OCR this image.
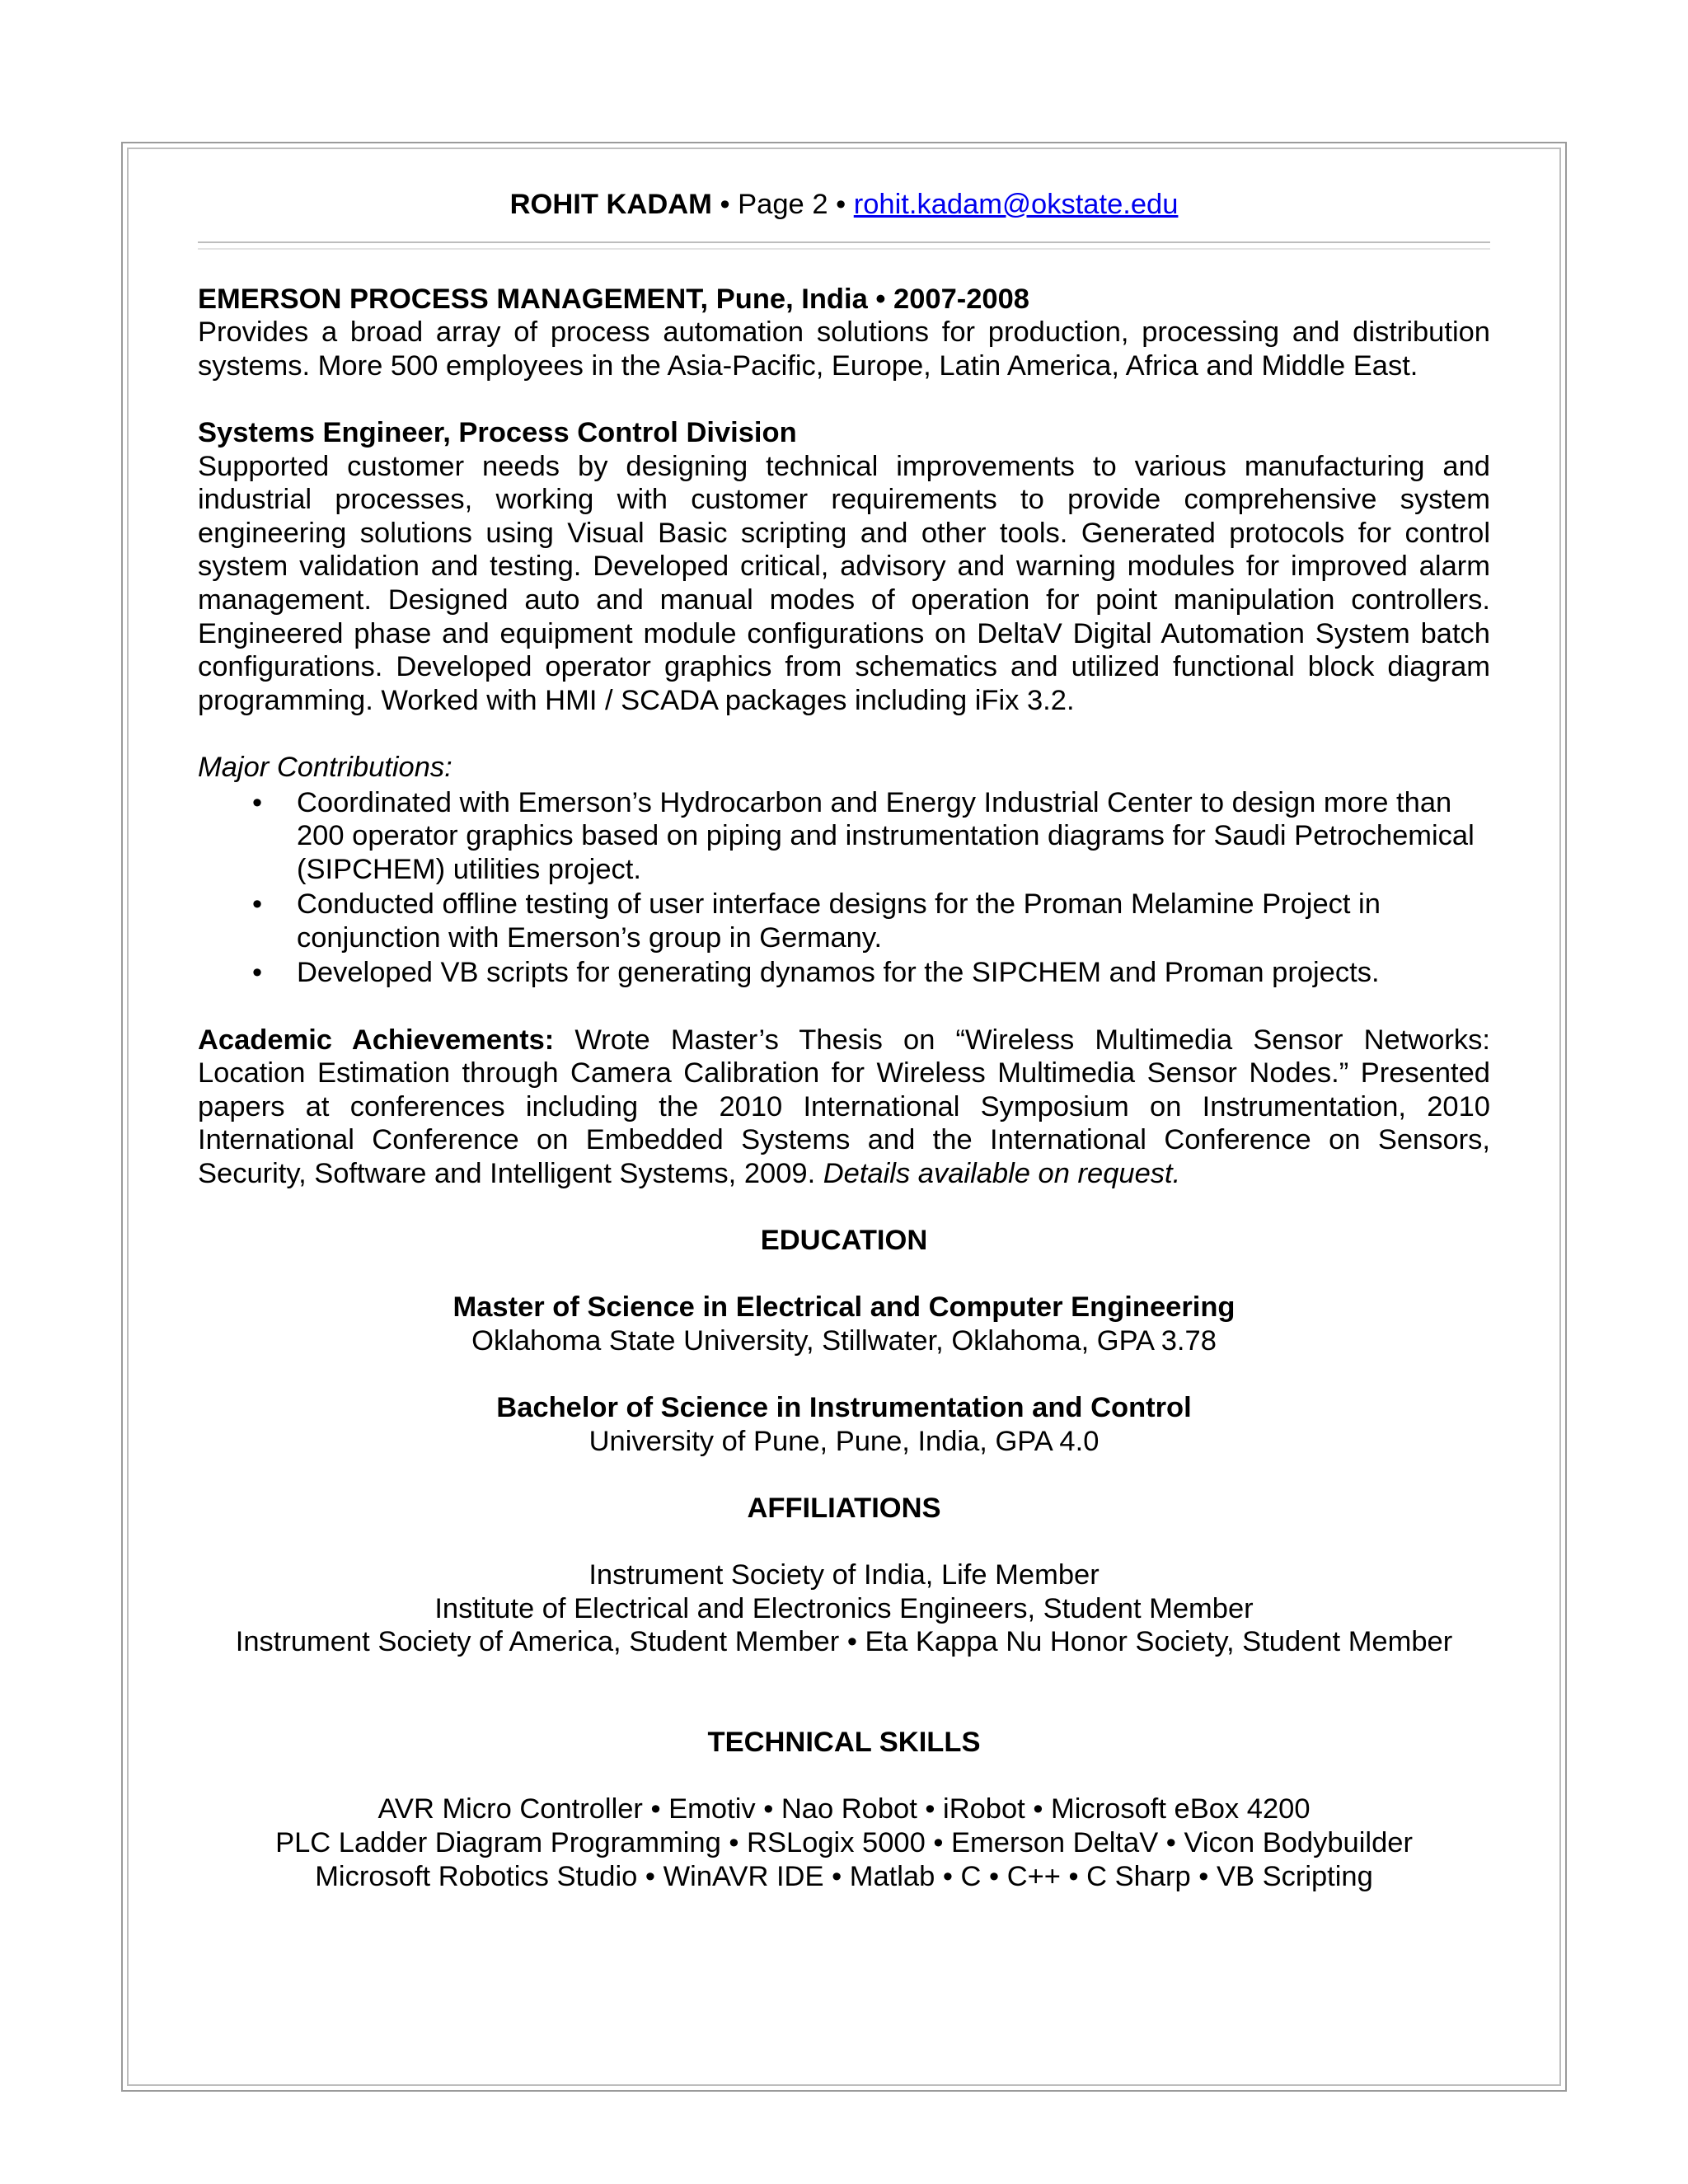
ROHIT KADAM • Page 2 • rohit.kadam@okstate.edu

EMERSON PROCESS MANAGEMENT, Pune, India • 2007-2008

Provides a broad array of process automation solutions for production, processing and distribution systems. More 500 employees in the Asia-Pacific, Europe, Latin America, Africa and Middle East.

Systems Engineer, Process Control Division

Supported customer needs by designing technical improvements to various manufacturing and industrial processes, working with customer requirements to provide comprehensive system engineering solutions using Visual Basic scripting and other tools. Generated protocols for control system validation and testing. Developed critical, advisory and warning modules for improved alarm management. Designed auto and manual modes of operation for point manipulation controllers. Engineered phase and equipment module configurations on DeltaV Digital Automation System batch configurations. Developed operator graphics from schematics and utilized functional block diagram programming. Worked with HMI / SCADA packages including iFix 3.2.

Major Contributions:

• Coordinated with Emerson’s Hydrocarbon and Energy Industrial Center to design more than 200 operator graphics based on piping and instrumentation diagrams for Saudi Petrochemical (SIPCHEM) utilities project.
• Conducted offline testing of user interface designs for the Proman Melamine Project in conjunction with Emerson’s group in Germany.
• Developed VB scripts for generating dynamos for the SIPCHEM and Proman projects.

Academic Achievements: Wrote Master’s Thesis on “Wireless Multimedia Sensor Networks: Location Estimation through Camera Calibration for Wireless Multimedia Sensor Nodes.” Presented papers at conferences including the 2010 International Symposium on Instrumentation, 2010 International Conference on Embedded Systems and the International Conference on Sensors, Security, Software and Intelligent Systems, 2009. Details available on request.

EDUCATION

Master of Science in Electrical and Computer Engineering

Oklahoma State University, Stillwater, Oklahoma, GPA 3.78

Bachelor of Science in Instrumentation and Control

University of Pune, Pune, India, GPA 4.0

AFFILIATIONS

Instrument Society of India, Life Member

Institute of Electrical and Electronics Engineers, Student Member

Instrument Society of America, Student Member • Eta Kappa Nu Honor Society, Student Member

TECHNICAL SKILLS

AVR Micro Controller • Emotiv • Nao Robot • iRobot • Microsoft eBox 4200

PLC Ladder Diagram Programming • RSLogix 5000 • Emerson DeltaV • Vicon Bodybuilder

Microsoft Robotics Studio • WinAVR IDE • Matlab • C • C++ • C Sharp • VB Scripting
